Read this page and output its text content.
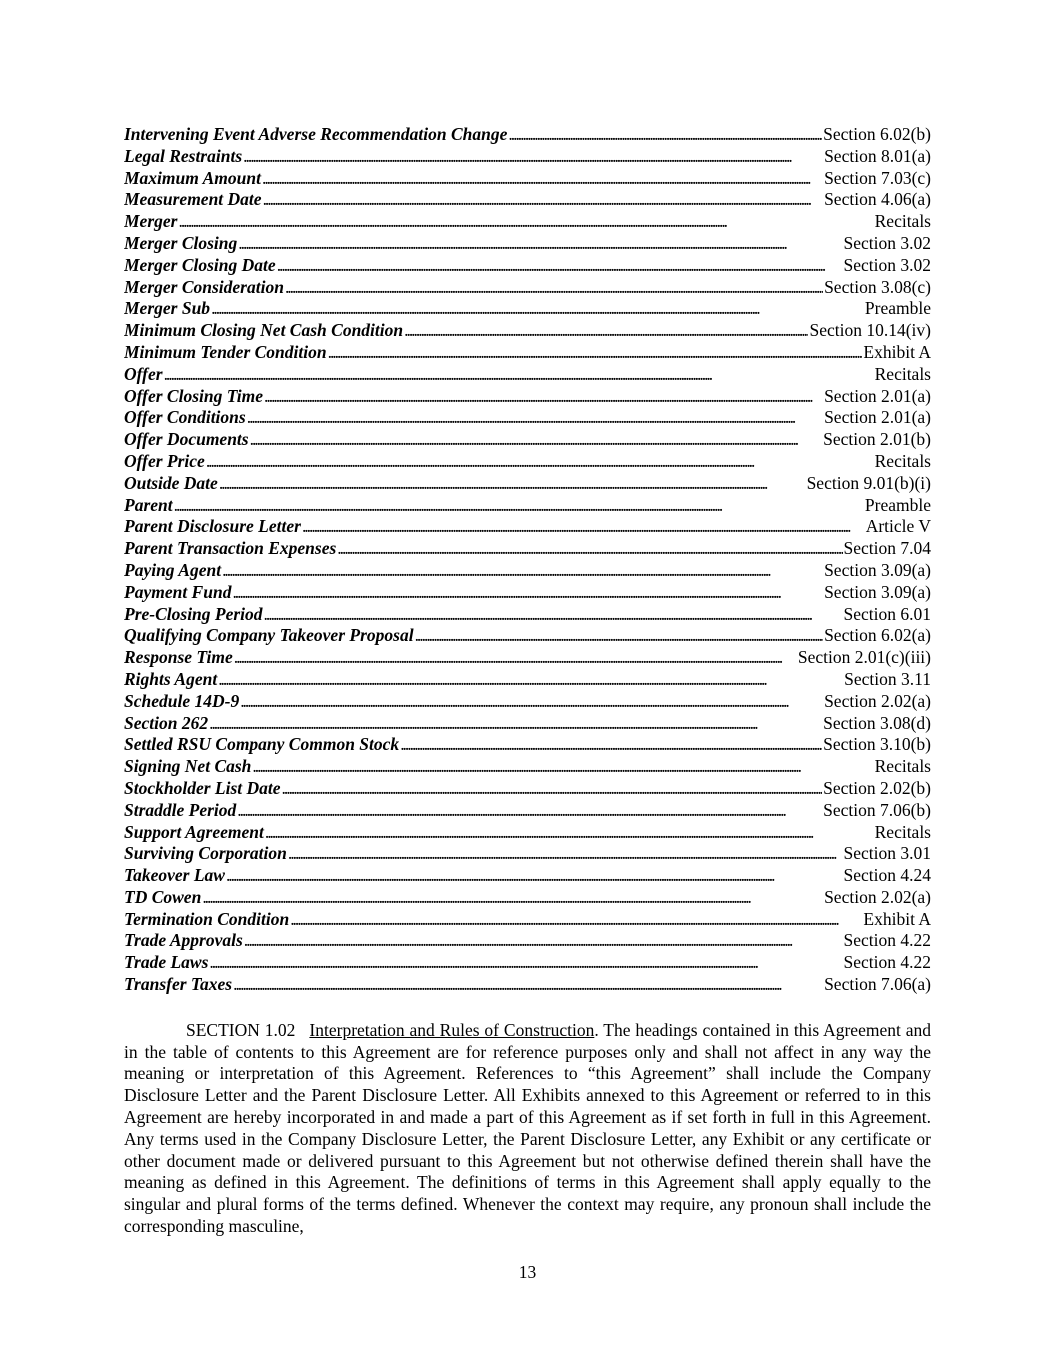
Intervening Event Adverse Recommendation Change . . .	Section 6.02(b)
Legal Restraints . . .	Section 8.01(a)
Maximum Amount . . .	Section 7.03(c)
Measurement Date . . .	Section 4.06(a)
Merger . . .	Recitals
Merger Closing . . .	Section 3.02
Merger Closing Date . . .	Section 3.02
Merger Consideration . . .	Section 3.08(c)
Merger Sub . . .	Preamble
Minimum Closing Net Cash Condition . . .	Section 10.14(iv)
Minimum Tender Condition . . .	Exhibit A
Offer . . .	Recitals
Offer Closing Time . . .	Section 2.01(a)
Offer Conditions . . .	Section 2.01(a)
Offer Documents . . .	Section 2.01(b)
Offer Price . . .	Recitals
Outside Date . . .	Section 9.01(b)(i)
Parent . . .	Preamble
Parent Disclosure Letter . . .	Article V
Parent Transaction Expenses . . .	Section 7.04
Paying Agent . . .	Section 3.09(a)
Payment Fund . . .	Section 3.09(a)
Pre-Closing Period . . .	Section 6.01
Qualifying Company Takeover Proposal . . .	Section 6.02(a)
Response Time . . .	Section 2.01(c)(iii)
Rights Agent . . .	Section 3.11
Schedule 14D-9 . . .	Section 2.02(a)
Section 262 . . .	Section 3.08(d)
Settled RSU Company Common Stock . . .	Section 3.10(b)
Signing Net Cash . . .	Recitals
Stockholder List Date . . .	Section 2.02(b)
Straddle Period . . .	Section 7.06(b)
Support Agreement . . .	Recitals
Surviving Corporation . . .	Section 3.01
Takeover Law . . .	Section 4.24
TD Cowen . . .	Section 2.02(a)
Termination Condition . . .	Exhibit A
Trade Approvals . . .	Section 4.22
Trade Laws . . .	Section 4.22
Transfer Taxes . . .	Section 7.06(a)

SECTION 1.02 Interpretation and Rules of Construction. The headings contained in this Agreement and in the table of contents to this Agreement are for reference purposes only and shall not affect in any way the meaning or interpretation of this Agreement. References to “this Agreement” shall include the Company Disclosure Letter and the Parent Disclosure Letter. All Exhibits annexed to this Agreement or referred to in this Agreement are hereby incorporated in and made a part of this Agreement as if set forth in full in this Agreement. Any terms used in the Company Disclosure Letter, the Parent Disclosure Letter, any Exhibit or any certificate or other document made or delivered pursuant to this Agreement but not otherwise defined therein shall have the meaning as defined in this Agreement. The definitions of terms in this Agreement shall apply equally to the singular and plural forms of the terms defined. Whenever the context may require, any pronoun shall include the corresponding masculine,

13
